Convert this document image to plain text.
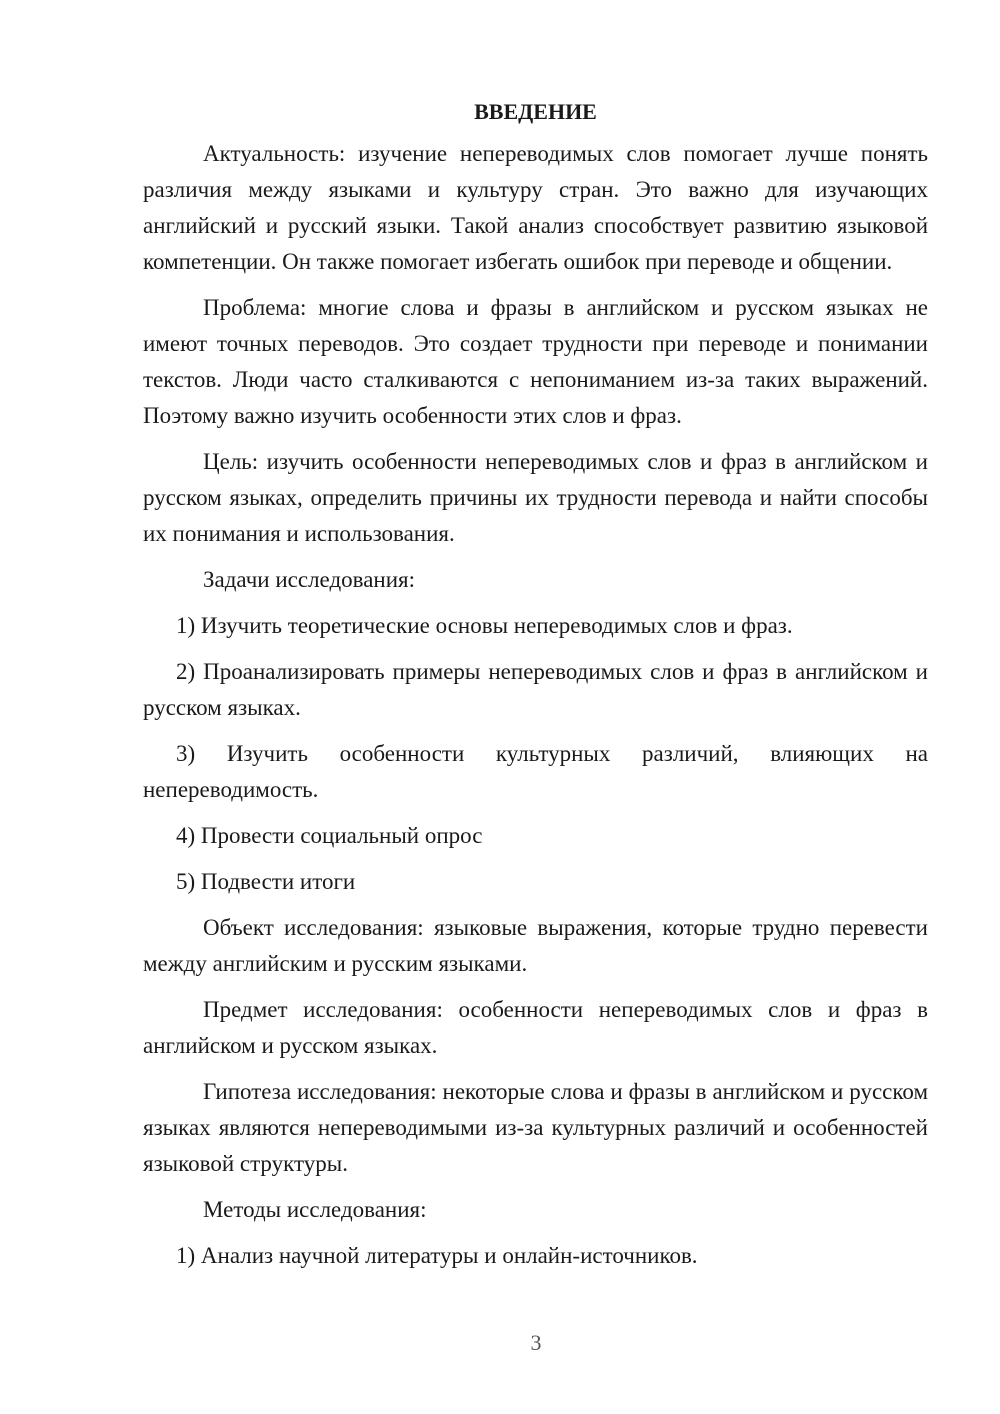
ВВЕДЕНИЕ

Актуальность: изучение непереводимых слов помогает лучше понять различия между языками и культуру стран. Это важно для изучающих английский и русский языки. Такой анализ способствует развитию языковой компетенции. Он также помогает избегать ошибок при переводе и общении.

Проблема: многие слова и фразы в английском и русском языках не имеют точных переводов. Это создает трудности при переводе и понимании текстов. Люди часто сталкиваются с непониманием из-за таких выражений. Поэтому важно изучить особенности этих слов и фраз.

Цель: изучить особенности непереводимых слов и фраз в английском и русском языках, определить причины их трудности перевода и найти способы их понимания и использования.

Задачи исследования:

1) Изучить теоретические основы непереводимых слов и фраз.

2) Проанализировать примеры непереводимых слов и фраз в английском и русском языках.

3) Изучить особенности культурных различий, влияющих на непереводимость.

4) Провести социальный опрос

5) Подвести итоги

Объект исследования: языковые выражения, которые трудно перевести между английским и русским языками.

Предмет исследования: особенности непереводимых слов и фраз в английском и русском языках.

Гипотеза исследования: некоторые слова и фразы в английском и русском языках являются непереводимыми из-за культурных различий и особенностей языковой структуры.

Методы исследования:

1) Анализ научной литературы и онлайн-источников.

3
